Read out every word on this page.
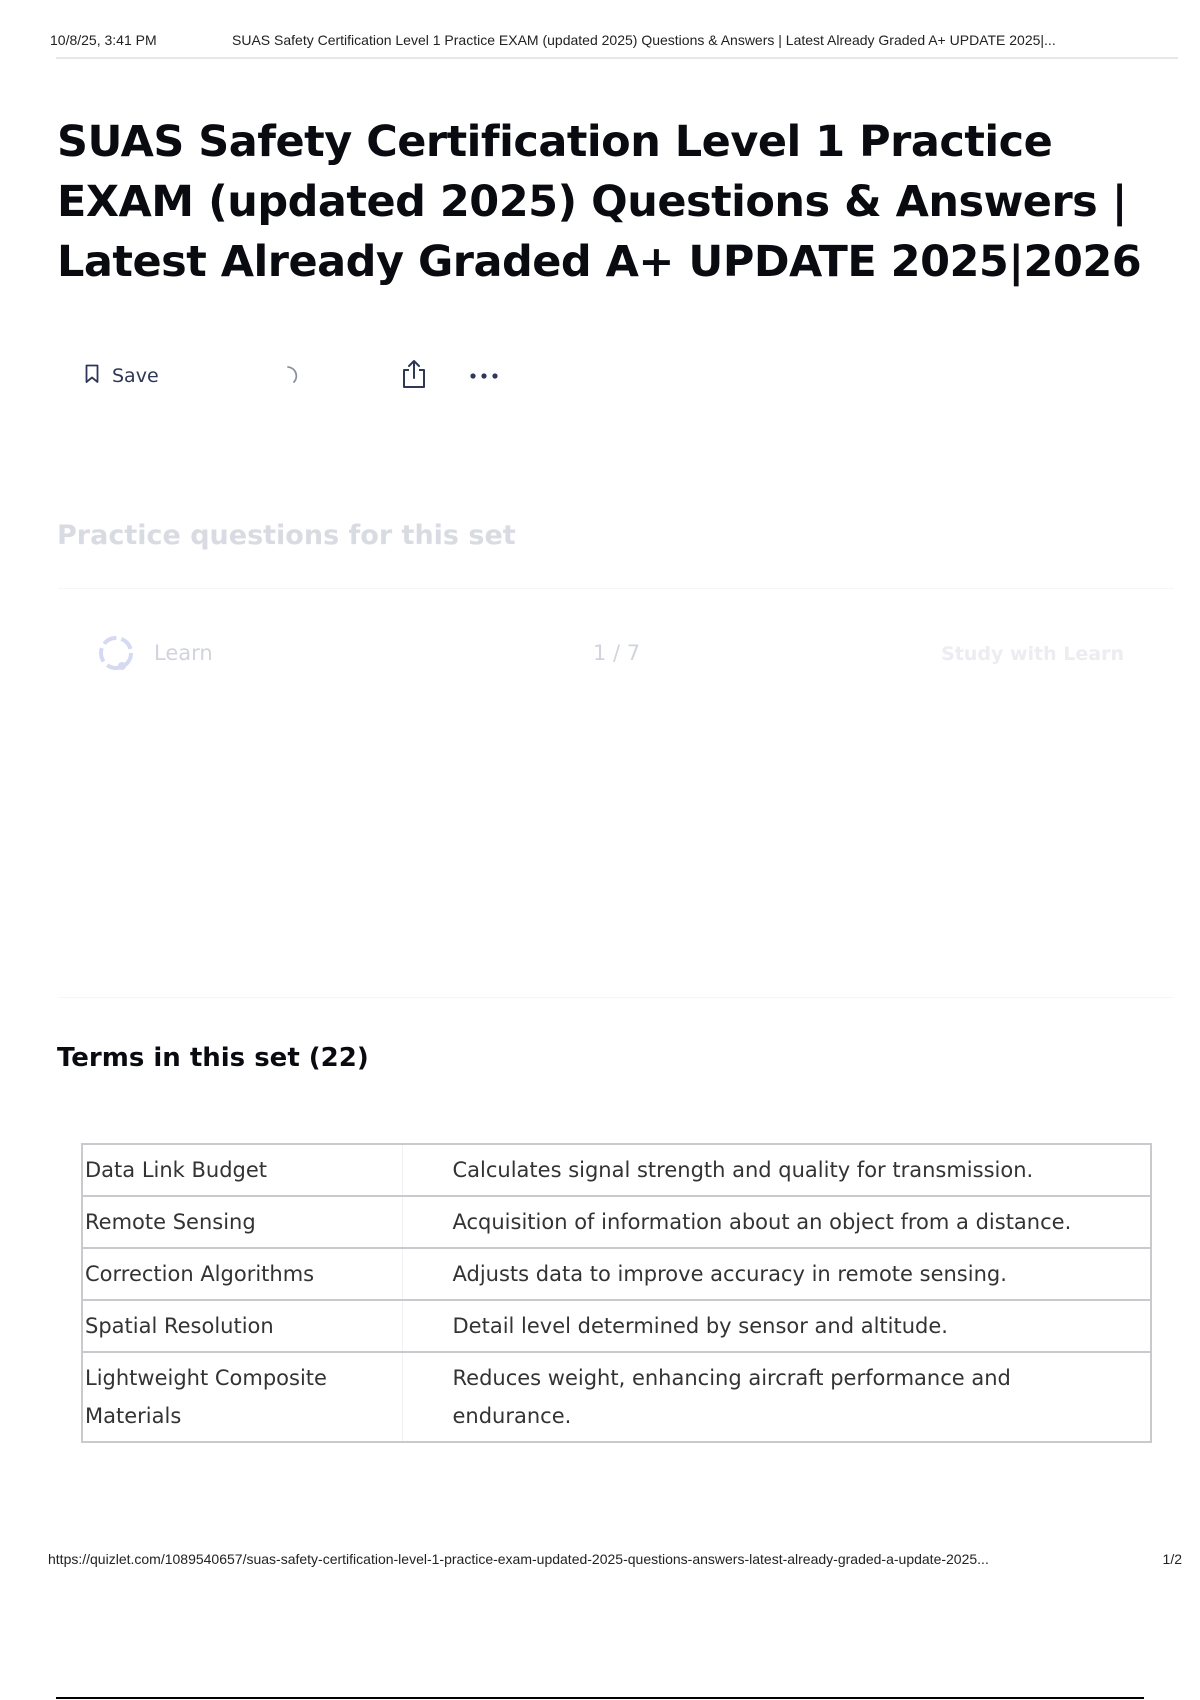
10/8/25, 3:41 PM	SUAS Safety Certification Level 1 Practice EXAM (updated 2025) Questions & Answers | Latest Already Graded A+ UPDATE 2025|...
SUAS Safety Certification Level 1 Practice EXAM (updated 2025) Questions & Answers | Latest Already Graded A+ UPDATE 2025|2026
Save
Practice questions for this set
Learn	1 / 7	Study with Learn
Terms in this set (22)
Data Link Budget	Calculates signal strength and quality for transmission.
Remote Sensing	Acquisition of information about an object from a distance.
Correction Algorithms	Adjusts data to improve accuracy in remote sensing.
Spatial Resolution	Detail level determined by sensor and altitude.
Lightweight Composite Materials	Reduces weight, enhancing aircraft performance and endurance.
https://quizlet.com/1089540657/suas-safety-certification-level-1-practice-exam-updated-2025-questions-answers-latest-already-graded-a-update-2025...	1/2
